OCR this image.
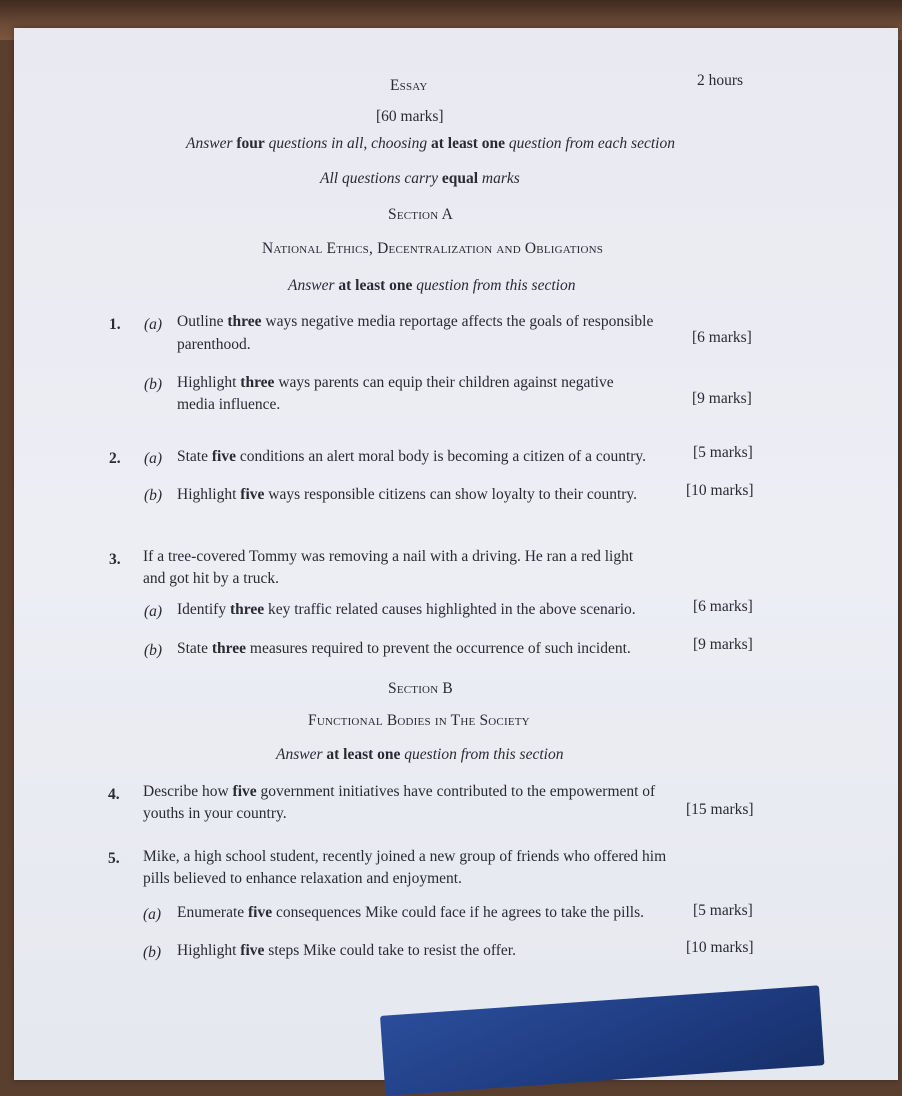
Essay	2 hours
[60 marks]
Answer four questions in all, choosing at least one question from each section
All questions carry equal marks
Section A
National Ethics, Decentralization and Obligations
Answer at least one question from this section
1. (a) Outline three ways negative media reportage affects the goals of responsible
parenthood.	[6 marks]
(b) Highlight three ways parents can equip their children against negative
media influence.	[9 marks]
2. (a) State five conditions an alert moral body is becoming a citizen of a country.	[5 marks]
(b) Highlight five ways responsible citizens can show loyalty to their country.	[10 marks]
3. If a tree-covered Tommy was removing a nail with a driving. He ran a red light
and got hit by a truck.
(a) Identify three key traffic related causes highlighted in the above scenario.	[6 marks]
(b) State three measures required to prevent the occurrence of such incident.	[9 marks]
Section B
Functional Bodies in The Society
Answer at least one question from this section
4. Describe how five government initiatives have contributed to the empowerment of
youths in your country.	[15 marks]
5. Mike, a high school student, recently joined a new group of friends who offered him
pills believed to enhance relaxation and enjoyment.
(a) Enumerate five consequences Mike could face if he agrees to take the pills.	[5 marks]
(b) Highlight five steps Mike could take to resist the offer.	[10 marks]
